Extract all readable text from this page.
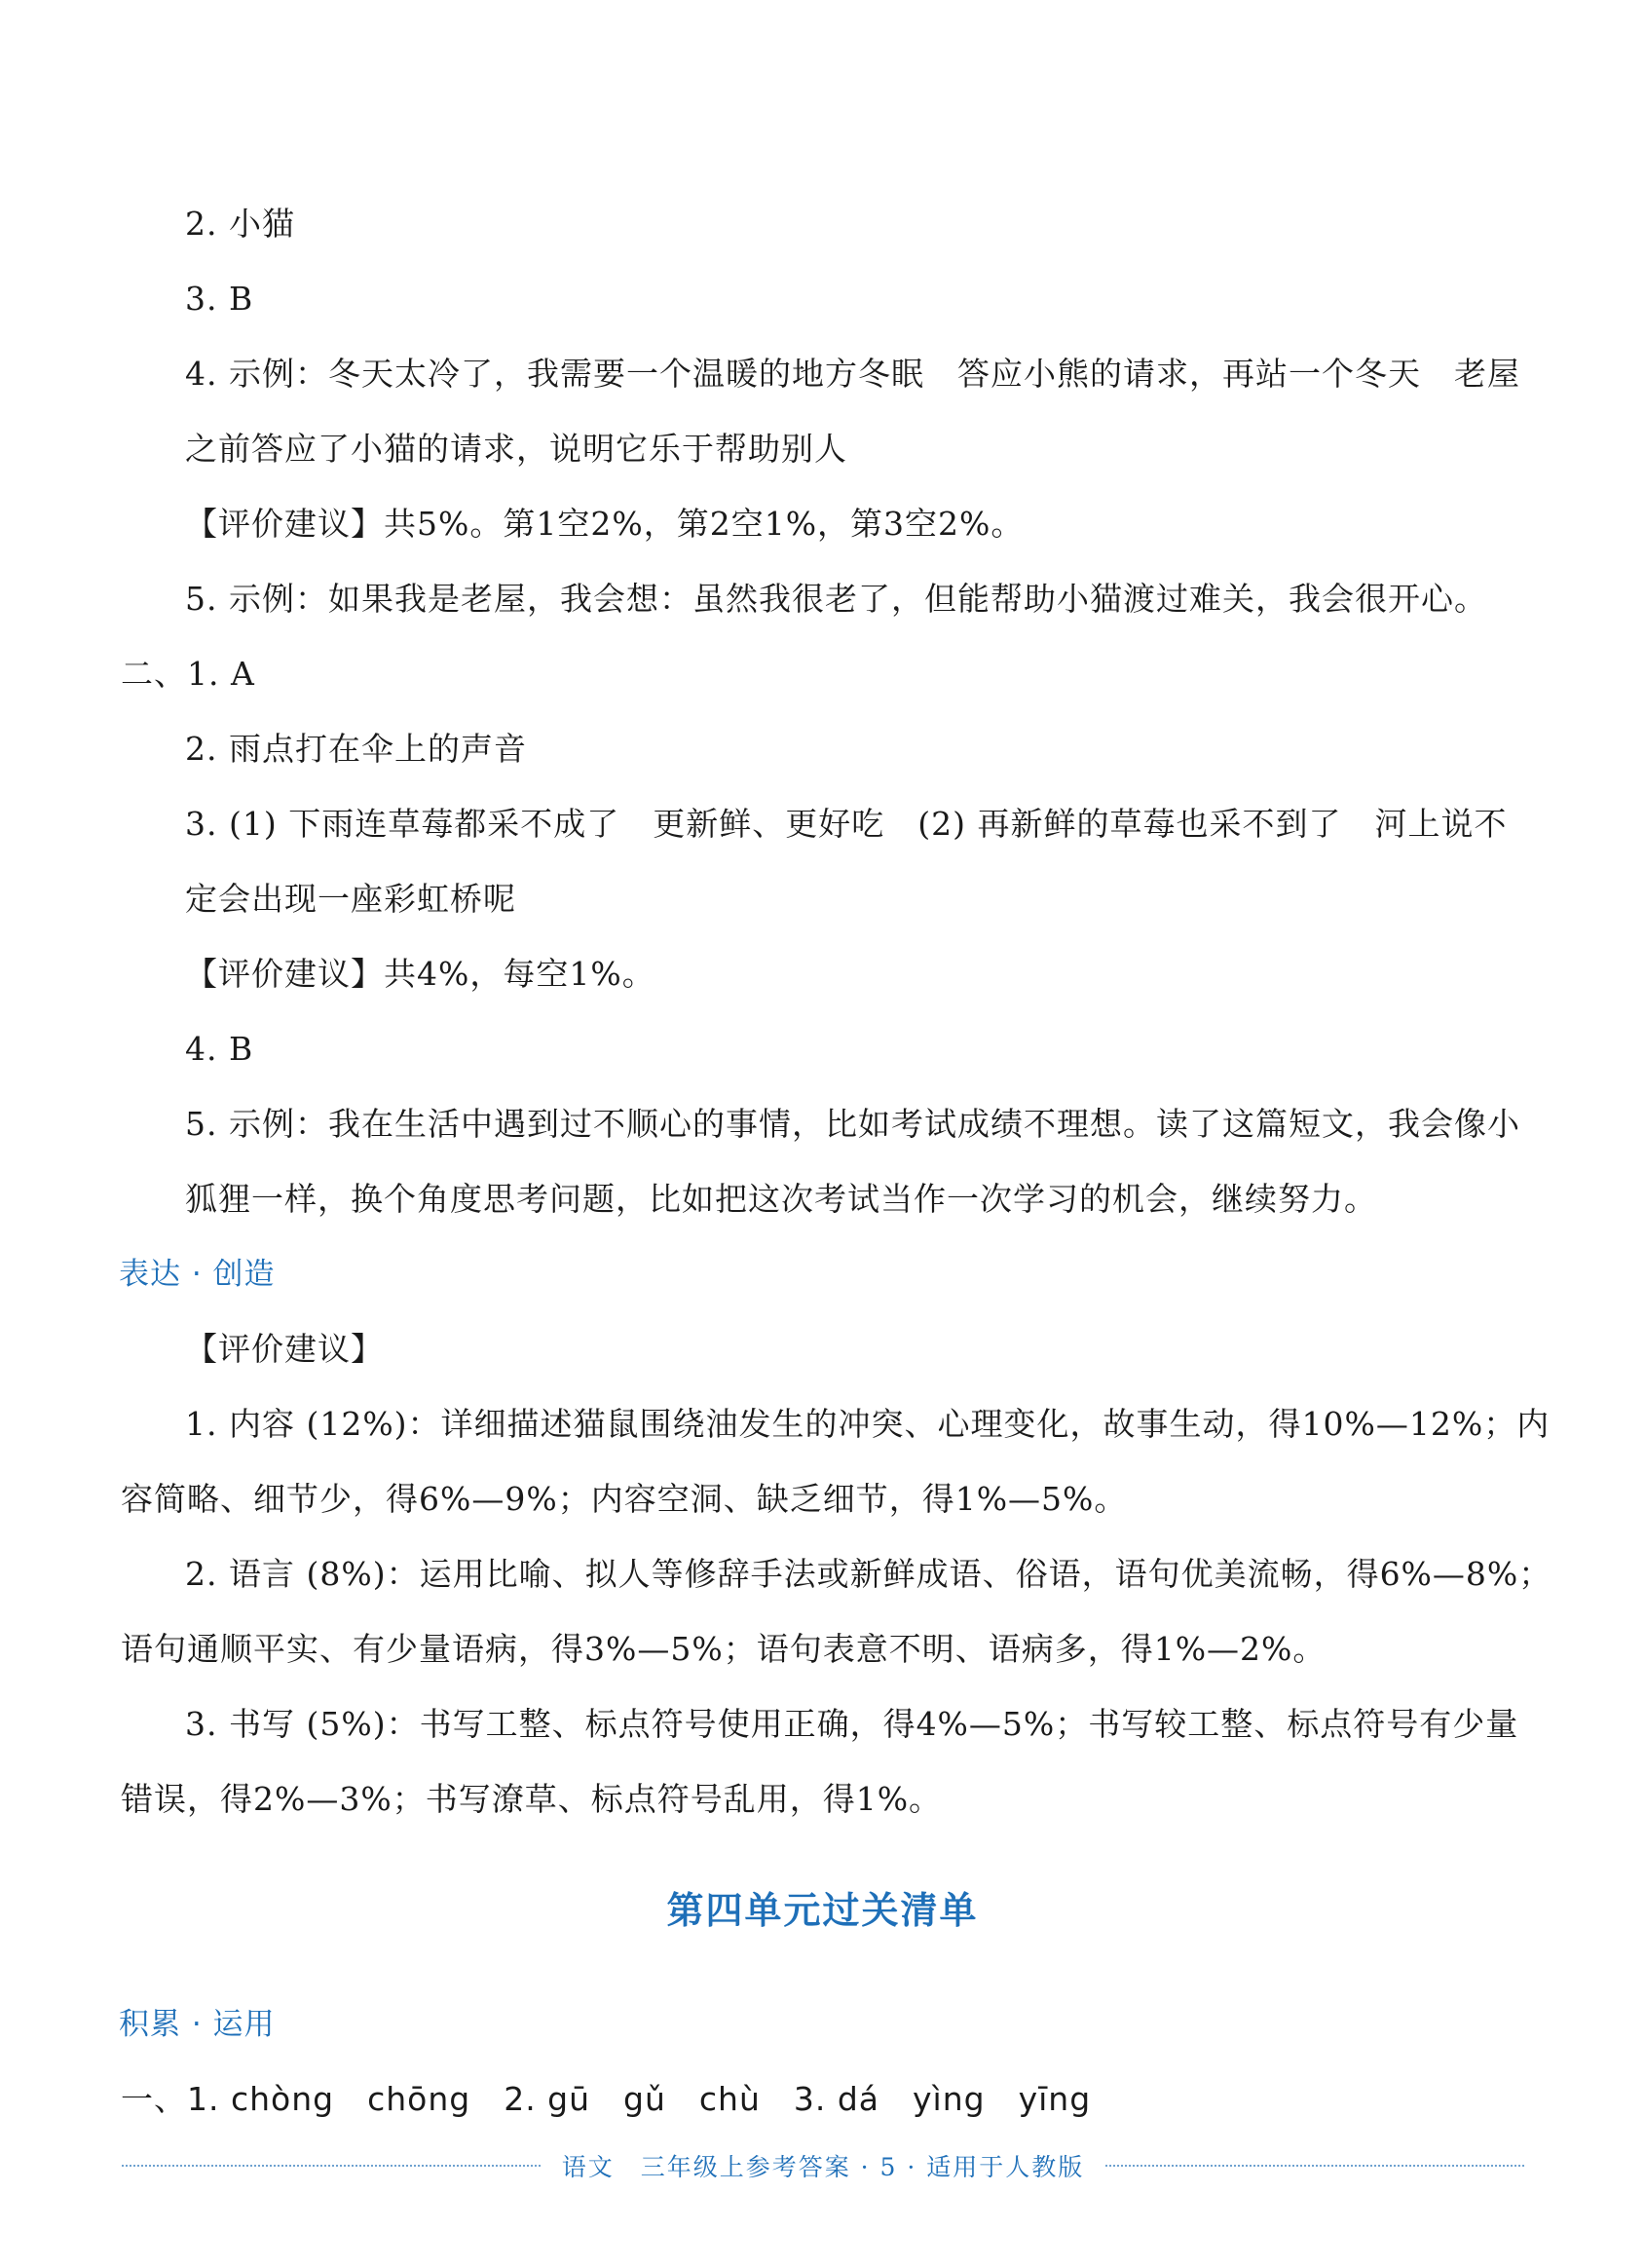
2. 小猫
3. B
4. 示例：冬天太冷了，我需要一个温暖的地方冬眠　答应小熊的请求，再站一个冬天　老屋
之前答应了小猫的请求，说明它乐于帮助别人
【评价建议】共5%。第1空2%，第2空1%，第3空2%。
5. 示例：如果我是老屋，我会想：虽然我很老了，但能帮助小猫渡过难关，我会很开心。
二、1. A
2. 雨点打在伞上的声音
3. (1) 下雨连草莓都采不成了　更新鲜、更好吃　(2) 再新鲜的草莓也采不到了　河上说不
定会出现一座彩虹桥呢
【评价建议】共4%，每空1%。
4. B
5. 示例：我在生活中遇到过不顺心的事情，比如考试成绩不理想。读了这篇短文，我会像小
狐狸一样，换个角度思考问题，比如把这次考试当作一次学习的机会，继续努力。
表达 · 创造
【评价建议】
1. 内容 (12%)：详细描述猫鼠围绕油发生的冲突、心理变化，故事生动，得10%—12%；内
容简略、细节少，得6%—9%；内容空洞、缺乏细节，得1%—5%。
2. 语言 (8%)：运用比喻、拟人等修辞手法或新鲜成语、俗语，语句优美流畅，得6%—8%；
语句通顺平实、有少量语病，得3%—5%；语句表意不明、语病多，得1%—2%。
3. 书写 (5%)：书写工整、标点符号使用正确，得4%—5%；书写较工整、标点符号有少量
错误，得2%—3%；书写潦草、标点符号乱用，得1%。
第四单元过关清单
积累 · 运用
一、1. chòng　chōng　2. gū　gǔ　chù　3. dá　yìng　yīng
语文　三年级上参考答案 · 5 · 适用于人教版
